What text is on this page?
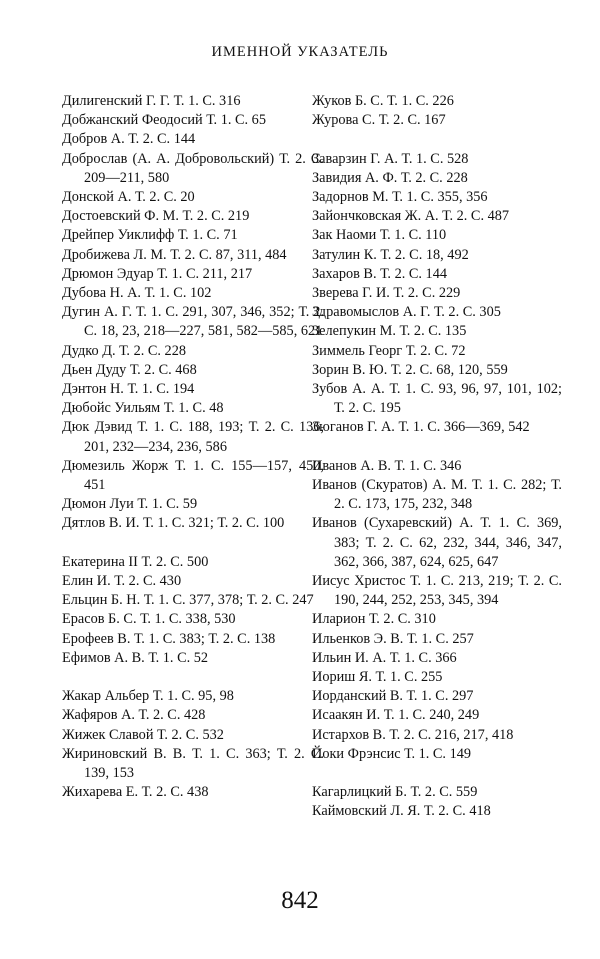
ИМЕННОЙ УКАЗАТЕЛЬ
Дилигенский Г. Г. Т. 1. С. 316
Добжанский Феодосий Т. 1. С. 65
Добров А. Т. 2. С. 144
Доброслав (А. А. Добровольский) Т. 2. С. 209—211, 580
Донской А. Т. 2. С. 20
Достоевский Ф. М. Т. 2. С. 219
Дрейпер Уиклифф Т. 1. С. 71
Дробижева Л. М. Т. 2. С. 87, 311, 484
Дрюмон Эдуар Т. 1. С. 211, 217
Дубова Н. А. Т. 1. С. 102
Дугин А. Г. Т. 1. С. 291, 307, 346, 352; Т. 2. С. 18, 23, 218—227, 581, 582—585, 621
Дудко Д. Т. 2. С. 228
Дьен Дуду Т. 2. С. 468
Дэнтон Н. Т. 1. С. 194
Дюбойс Уильям Т. 1. С. 48
Дюк Дэвид Т. 1. С. 188, 193; Т. 2. С. 136, 201, 232—234, 236, 586
Дюмезиль Жорж Т. 1. С. 155—157, 450, 451
Дюмон Луи Т. 1. С. 59
Дятлов В. И. Т. 1. С. 321; Т. 2. С. 100
Екатерина II Т. 2. С. 500
Елин И. Т. 2. С. 430
Ельцин Б. Н. Т. 1. С. 377, 378; Т. 2. С. 247
Ерасов Б. С. Т. 1. С. 338, 530
Ерофеев В. Т. 1. С. 383; Т. 2. С. 138
Ефимов А. В. Т. 1. С. 52
Жакар Альбер Т. 1. С. 95, 98
Жафяров А. Т. 2. С. 428
Жижек Славой Т. 2. С. 532
Жириновский В. В. Т. 1. С. 363; Т. 2. С. 139, 153
Жихарева Е. Т. 2. С. 438
Жуков Б. С. Т. 1. С. 226
Журова С. Т. 2. С. 167
Заварзин Г. А. Т. 1. С. 528
Завидия А. Ф. Т. 2. С. 228
Задорнов М. Т. 1. С. 355, 356
Зайончковская Ж. А. Т. 2. С. 487
Зак Наоми Т. 1. С. 110
Затулин К. Т. 2. С. 18, 492
Захаров В. Т. 2. С. 144
Зверева Г. И. Т. 2. С. 229
Здравомыслов А. Г. Т. 2. С. 305
Зелепукин М. Т. 2. С. 135
Зиммель Георг Т. 2. С. 72
Зорин В. Ю. Т. 2. С. 68, 120, 559
Зубов А. А. Т. 1. С. 93, 96, 97, 101, 102; Т. 2. С. 195
Зюганов Г. А. Т. 1. С. 366—369, 542
Иванов А. В. Т. 1. С. 346
Иванов (Скуратов) А. М. Т. 1. С. 282; Т. 2. С. 173, 175, 232, 348
Иванов (Сухаревский) А. Т. 1. С. 369, 383; Т. 2. С. 62, 232, 344, 346, 347, 362, 366, 387, 624, 625, 647
Иисус Христос Т. 1. С. 213, 219; Т. 2. С. 190, 244, 252, 253, 345, 394
Иларион Т. 2. С. 310
Ильенков Э. В. Т. 1. С. 257
Ильин И. А. Т. 1. С. 366
Иориш Я. Т. 1. С. 255
Иорданский В. Т. 1. С. 297
Исаакян И. Т. 1. С. 240, 249
Истархов В. Т. 2. С. 216, 217, 418
Йоки Фрэнсис Т. 1. С. 149
Кагарлицкий Б. Т. 2. С. 559
Каймовский Л. Я. Т. 2. С. 418
842
